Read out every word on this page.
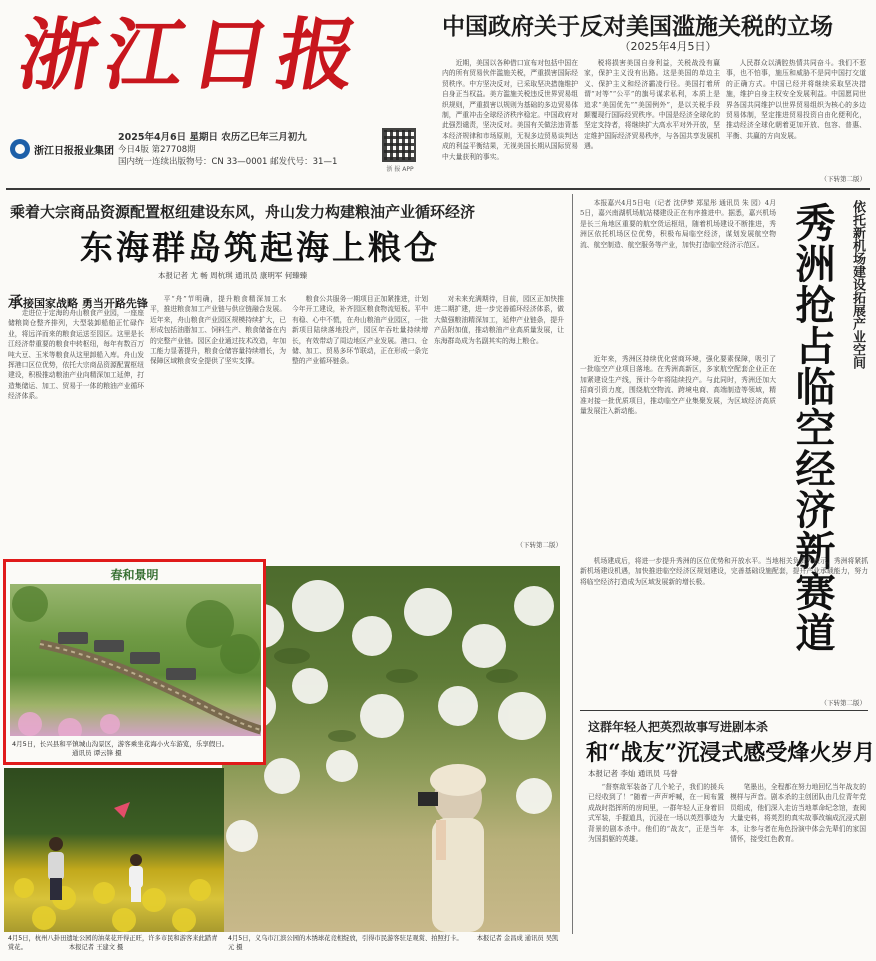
浙江日报
浙江日报报业集团
2025年4月6日 星期日 农历乙巳年三月初九
今日4版 第27708期
国内统一连续出版物号：CN 33—0001 邮发代号：31—1
浙 报 APP
中国政府关于反对美国滥施关税的立场
（2025年4月5日）

近期，美国以各种借口宣布对包括中国在内的所有贸易伙伴滥施关税，严重损害国际经贸秩序。中方坚决反对，已采取坚决措施维护自身正当权益。美方滥施关税违反世界贸易组织规则，严重损害以规则为基础的多边贸易体制，严重冲击全球经济秩序稳定。中国政府对此强烈谴责，坚决反对。美国有关做法违背基本经济规律和市场原则，无视多边贸易谈判达成的利益平衡结果，无视美国长期从国际贸易中大量获利的事实。

税将损害美国自身利益，关税战没有赢家，保护主义没有出路。这是美国的单边主义、保护主义和经济霸凌行径。美国打着所谓“对等”“公平”的旗号谋求私利，本质上是追求“美国优先”“美国例外”，是以关税手段颠覆现行国际经贸秩序。中国是经济全球化的坚定支持者，将继续扩大高水平对外开放，坚定维护国际经济贸易秩序，与各国共享发展机遇。

人民群众以满腔热情共同奋斗。我们不惹事，也不怕事，施压和威胁不是同中国打交道的正确方式。中国已经并将继续采取坚决措施，维护自身主权安全发展利益。中国愿同世界各国共同维护以世界贸易组织为核心的多边贸易体制，坚定推进贸易投资自由化便利化，推动经济全球化朝着更加开放、包容、普惠、平衡、共赢的方向发展。

（下转第二版）
乘着大宗商品资源配置枢纽建设东风，舟山发力构建粮油产业循环经济
东海群岛筑起海上粮仓
本报记者 尤 畅 周杭琪 通讯员 康明军 何臻臻
承接国家战略 勇当开路先锋

走进位于定海的舟山粮食产业园，一座座储粮筒仓整齐排列，大型装卸船舶正忙碌作业，将远洋而来的粮食运送至园区。这里是长江经济带重要的粮食中转枢纽，每年有数百万吨大豆、玉米等粮食从这里卸船入库。舟山发挥港口区位优势，依托大宗商品资源配置枢纽建设，积极推动粮油产业向精深加工延伸，打造集储运、加工、贸易于一体的粮油产业循环经济体系。

平“舟”节明确，提升粮食精深加工水平，推进粮食加工产业链与供应链融合发展。近年来，舟山粮食产业园区规模持续扩大，已形成包括油脂加工、饲料生产、粮食储备在内的完整产业链。园区企业通过技术改造，年加工能力显著提升，粮食仓储容量持续增长，为保障区域粮食安全提供了坚实支撑。

粮食公共服务一期项目正加紧推进，计划今年开工建设，补齐园区粮食物流短板。平中有稳、心中不慌，在舟山粮油产业园区，一批新项目陆续落地投产，园区年吞吐量持续增长，有效带动了周边地区产业发展。港口、仓储、加工、贸易多环节联动，正在形成一条完整的产业循环链条。

对未来充满期待，目前，园区正加快推进二期扩建，进一步完善循环经济体系，做大做强粮油精深加工，延伸产业链条，提升产品附加值，推动粮油产业高质量发展，让东海群岛成为名副其实的海上粮仓。

（下转第二版）
春和景明
4月5日，长兴县和平镇城山沟景区，游客乘坐花海小火车游览，乐享假日。
通讯员 谭云锋 摄
4月5日，杭州八卦田遗址公园的油菜花开得正旺，许多市民和游客来此踏青赏花。	本报记者 王建文 摄
4月5日，义乌市江滨公园的木绣球花竞相绽放，引得市民游客驻足观赏、拍照打卡。 本报记者 金昌成 通讯员 吴凯元 摄
依托新机场建设拓展产业空间
秀洲抢占临空经济新赛道

本报嘉兴4月5日电（记者 沈伊梦 郑星彤 通讯员 朱 园）4月5日，嘉兴南湖机场航站楼建设正在有序推进中。据悉，嘉兴机场是长三角地区重要的航空货运枢纽，随着机场建设不断推进，秀洲区依托机场区位优势，积极布局临空经济，谋划发展航空物流、航空制造、航空服务等产业，加快打造临空经济示范区。

近年来，秀洲区持续优化营商环境，强化要素保障，吸引了一批临空产业项目落地。在秀洲高新区，多家航空配套企业正在加紧建设生产线，预计今年将陆续投产。与此同时，秀洲还加大招商引资力度，围绕航空物流、跨境电商、高端制造等领域，精准对接一批优质项目，推动临空产业集聚发展，为区域经济高质量发展注入新动能。

机场建成后，将进一步提升秀洲的区位优势和开放水平。当地相关负责人表示，秀洲将紧抓新机场建设机遇，加快推进临空经济区规划建设，完善基础设施配套，提升产业承载能力，努力将临空经济打造成为区域发展新的增长极。

（下转第二版）
这群年轻人把英烈故事写进剧本杀
和“战友”沉浸式感受烽火岁月
本报记者 李灿 通讯员 马誉

“督察敌军装备了几个轮子，我们的援兵已经收到了！”随着一声声呼喊，在一间布置成战时指挥所的房间里，一群年轻人正身着旧式军装，手握道具，沉浸在一场以英烈事迹为背景的剧本杀中。他们的“战友”，正是当年为国捐躯的英雄。

笔墨出，全程都在努力地回忆当年战友的模样与声音。剧本杀的主创团队由几位青年党员组成，他们深入走访当地革命纪念馆，查阅大量史料，将英烈的真实故事改编成沉浸式剧本，让参与者在角色扮演中体会先辈们的家国情怀，接受红色教育。
